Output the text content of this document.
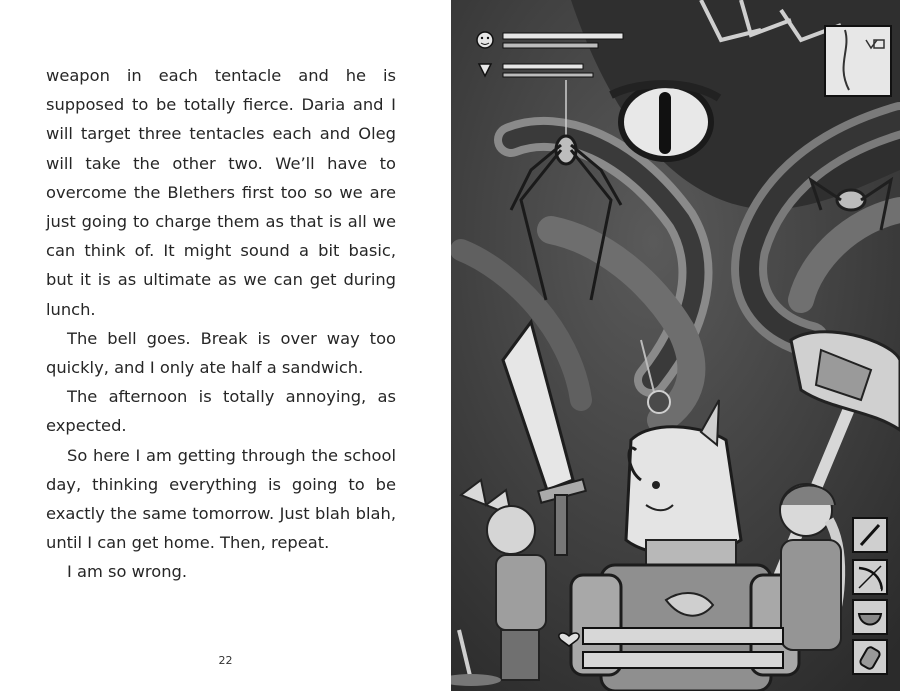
weapon in each tentacle and he is supposed to be totally fierce. Daria and I will target three tentacles each and Oleg will take the other two. We’ll have to overcome the Blethers first too so we are just going to charge them as that is all we can think of. It might sound a bit basic, but it is as ultimate as we can get during lunch.

The bell goes. Break is over way too quickly, and I only ate half a sandwich.

The afternoon is totally annoying, as expected.

So here I am getting through the school day, thinking everything is going to be exactly the same tomorrow. Just blah blah, until I can get home. Then, repeat.

I am so wrong.

22
